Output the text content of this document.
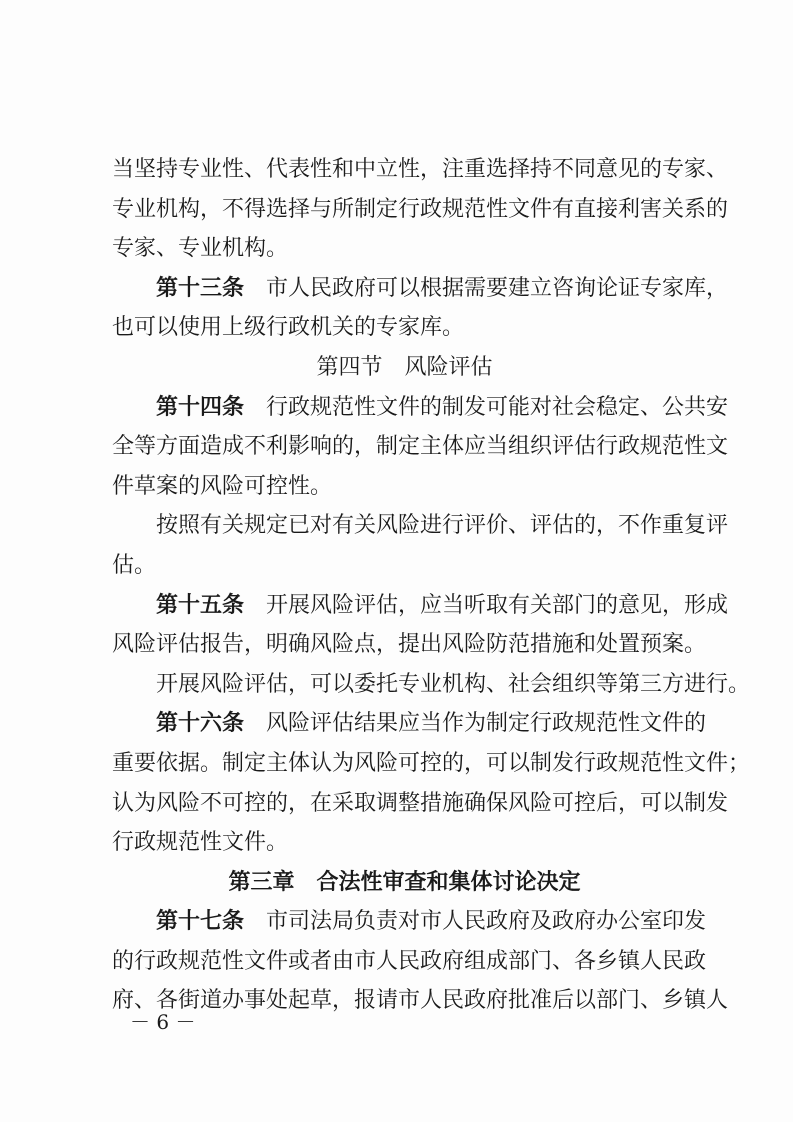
当坚持专业性、代表性和中立性，注重选择持不同意见的专家、
专业机构，不得选择与所制定行政规范性文件有直接利害关系的
专家、专业机构。
第十三条 市人民政府可以根据需要建立咨询论证专家库，
也可以使用上级行政机关的专家库。
第四节　风险评估
第十四条 行政规范性文件的制发可能对社会稳定、公共安
全等方面造成不利影响的，制定主体应当组织评估行政规范性文
件草案的风险可控性。
按照有关规定已对有关风险进行评价、评估的，不作重复评
估。
第十五条 开展风险评估，应当听取有关部门的意见，形成
风险评估报告，明确风险点，提出风险防范措施和处置预案。
开展风险评估，可以委托专业机构、社会组织等第三方进行。
第十六条 风险评估结果应当作为制定行政规范性文件的
重要依据。制定主体认为风险可控的，可以制发行政规范性文件；
认为风险不可控的，在采取调整措施确保风险可控后，可以制发
行政规范性文件。
第三章　合法性审查和集体讨论决定
第十七条 市司法局负责对市人民政府及政府办公室印发
的行政规范性文件或者由市人民政府组成部门、各乡镇人民政
府、各街道办事处起草，报请市人民政府批准后以部门、乡镇人
－ 6 －
